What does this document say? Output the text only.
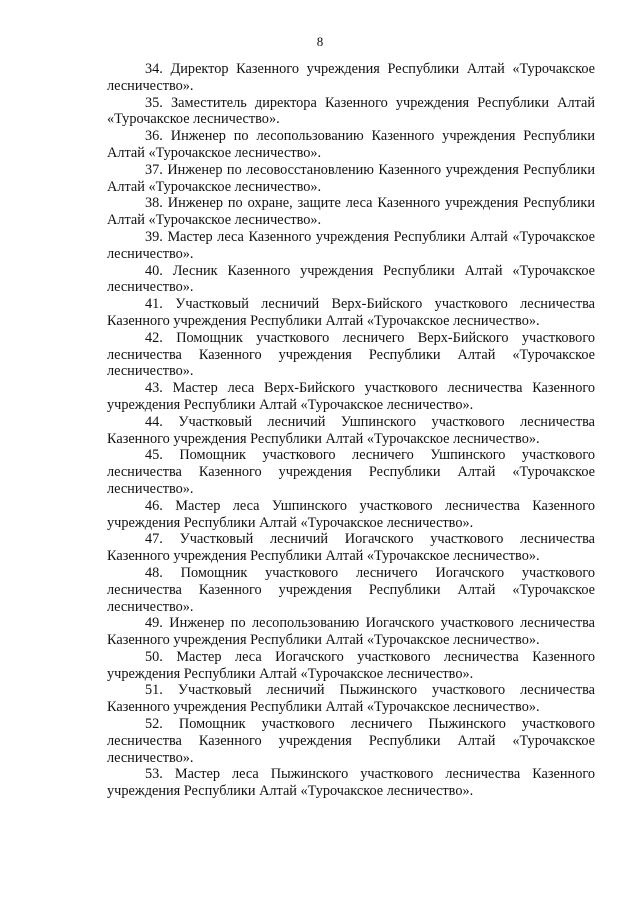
8

34. Директор Казенного учреждения Республики Алтай «Турочакское лесничество».

35. Заместитель директора Казенного учреждения Республики Алтай «Турочакское лесничество».

36. Инженер по лесопользованию Казенного учреждения Республики Алтай «Турочакское лесничество».

37. Инженер по лесовосстановлению Казенного учреждения Республики Алтай «Турочакское лесничество».

38. Инженер по охране, защите леса Казенного учреждения Республики Алтай «Турочакское лесничество».

39. Мастер леса Казенного учреждения Республики Алтай «Турочакское лесничество».

40. Лесник Казенного учреждения Республики Алтай «Турочакское лесничество».

41. Участковый лесничий Верх-Бийского участкового лесничества Казенного учреждения Республики Алтай «Турочакское лесничество».

42. Помощник участкового лесничего Верх-Бийского участкового лесничества Казенного учреждения Республики Алтай «Турочакское лесничество».

43. Мастер леса Верх-Бийского участкового лесничества Казенного учреждения Республики Алтай «Турочакское лесничество».

44. Участковый лесничий Ушпинского участкового лесничества Казенного учреждения Республики Алтай «Турочакское лесничество».

45. Помощник участкового лесничего Ушпинского участкового лесничества Казенного учреждения Республики Алтай «Турочакское лесничество».

46. Мастер леса Ушпинского участкового лесничества Казенного учреждения Республики Алтай «Турочакское лесничество».

47. Участковый лесничий Иогачского участкового лесничества Казенного учреждения Республики Алтай «Турочакское лесничество».

48. Помощник участкового лесничего Иогачского участкового лесничества Казенного учреждения Республики Алтай «Турочакское лесничество».

49. Инженер по лесопользованию Иогачского участкового лесничества Казенного учреждения Республики Алтай «Турочакское лесничество».

50. Мастер леса Иогачского участкового лесничества Казенного учреждения Республики Алтай «Турочакское лесничество».

51. Участковый лесничий Пыжинского участкового лесничества Казенного учреждения Республики Алтай «Турочакское лесничество».

52. Помощник участкового лесничего Пыжинского участкового лесничества Казенного учреждения Республики Алтай «Турочакское лесничество».

53. Мастер леса Пыжинского участкового лесничества Казенного учреждения Республики Алтай «Турочакское лесничество».
